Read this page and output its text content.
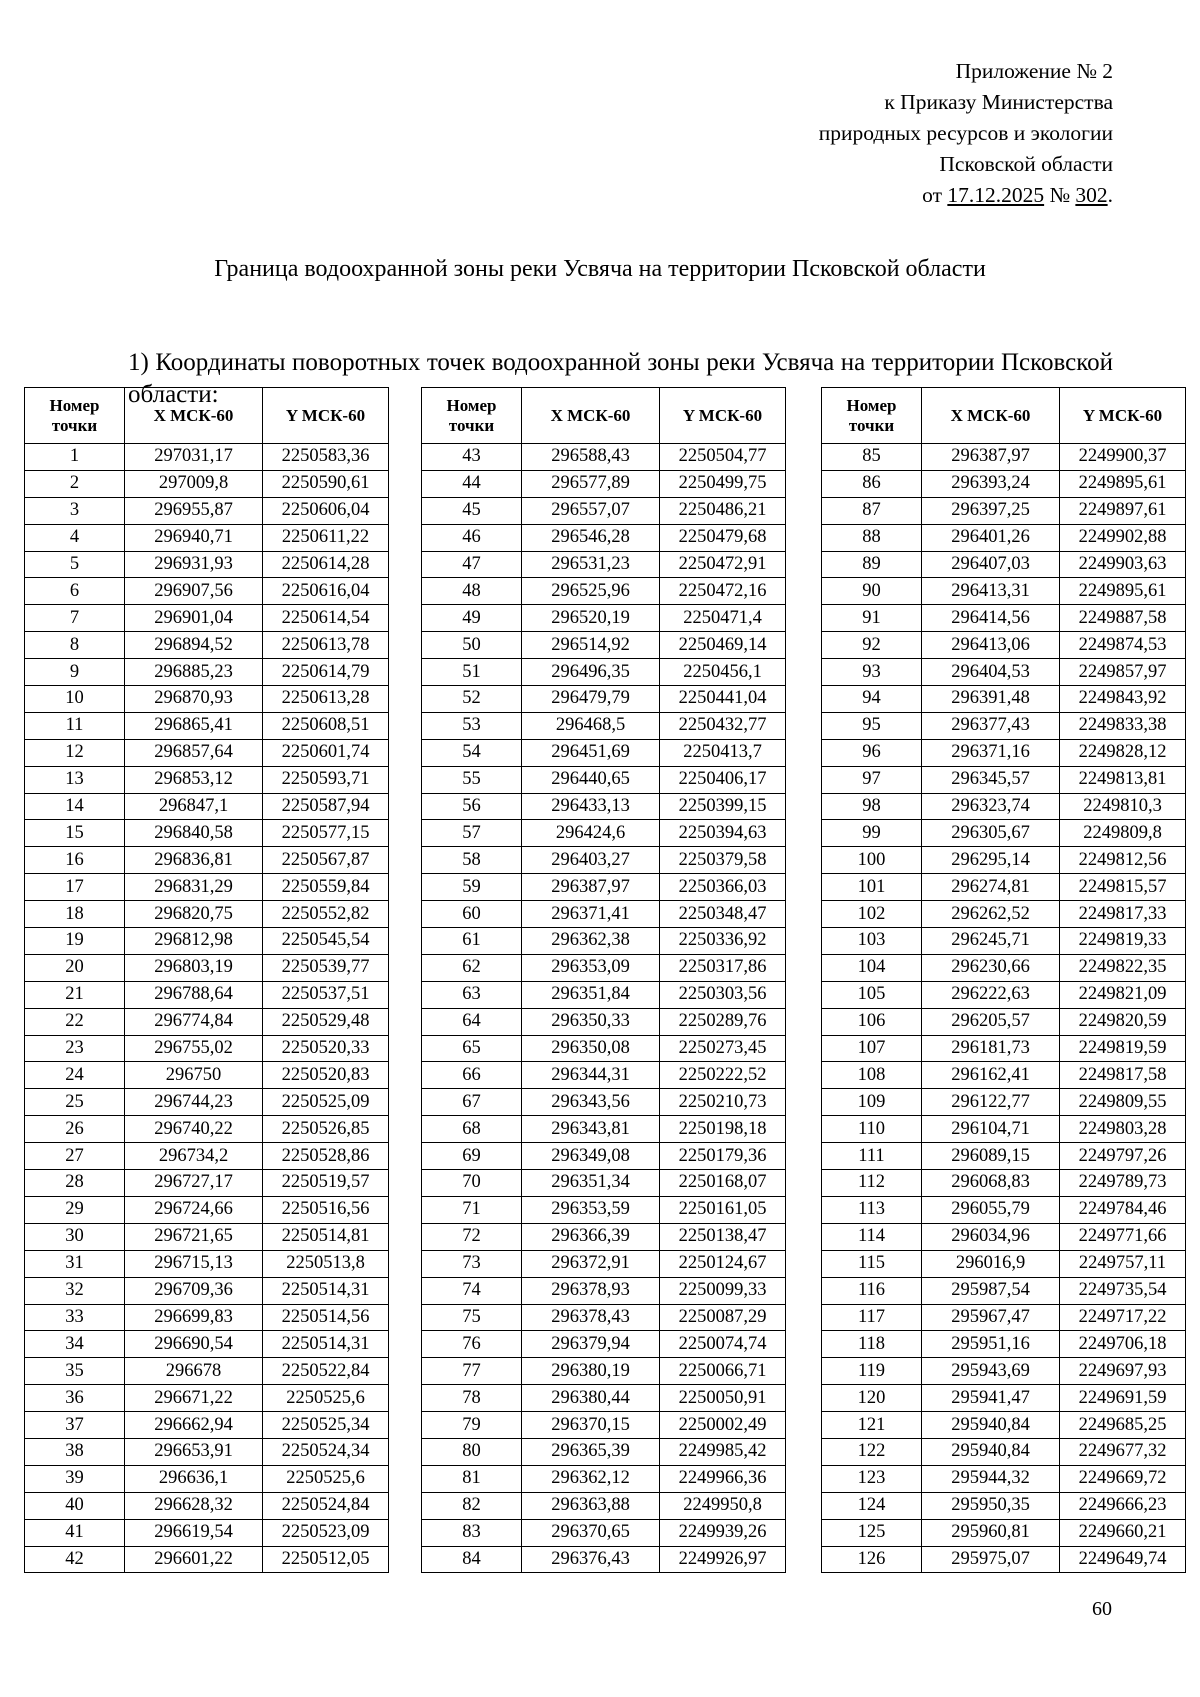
Приложение № 2
к Приказу Министерства
природных ресурсов и экологии
Псковской области
от 17.12.2025 № 302.
Граница водоохранной зоны реки Усвяча на территории Псковской области

1) Координаты поворотных точек водоохранной зоны реки Усвяча на территории Псковской области:

Номер
точки	X МСК-60	Y МСК-60
1	297031,17	2250583,36
2	297009,8	2250590,61
3	296955,87	2250606,04
4	296940,71	2250611,22
5	296931,93	2250614,28
6	296907,56	2250616,04
7	296901,04	2250614,54
8	296894,52	2250613,78
9	296885,23	2250614,79
10	296870,93	2250613,28
11	296865,41	2250608,51
12	296857,64	2250601,74
13	296853,12	2250593,71
14	296847,1	2250587,94
15	296840,58	2250577,15
16	296836,81	2250567,87
17	296831,29	2250559,84
18	296820,75	2250552,82
19	296812,98	2250545,54
20	296803,19	2250539,77
21	296788,64	2250537,51
22	296774,84	2250529,48
23	296755,02	2250520,33
24	296750	2250520,83
25	296744,23	2250525,09
26	296740,22	2250526,85
27	296734,2	2250528,86
28	296727,17	2250519,57
29	296724,66	2250516,56
30	296721,65	2250514,81
31	296715,13	2250513,8
32	296709,36	2250514,31
33	296699,83	2250514,56
34	296690,54	2250514,31
35	296678	2250522,84
36	296671,22	2250525,6
37	296662,94	2250525,34
38	296653,91	2250524,34
39	296636,1	2250525,6
40	296628,32	2250524,84
41	296619,54	2250523,09
42	296601,22	2250512,05
Номер
точки	X МСК-60	Y МСК-60
43	296588,43	2250504,77
44	296577,89	2250499,75
45	296557,07	2250486,21
46	296546,28	2250479,68
47	296531,23	2250472,91
48	296525,96	2250472,16
49	296520,19	2250471,4
50	296514,92	2250469,14
51	296496,35	2250456,1
52	296479,79	2250441,04
53	296468,5	2250432,77
54	296451,69	2250413,7
55	296440,65	2250406,17
56	296433,13	2250399,15
57	296424,6	2250394,63
58	296403,27	2250379,58
59	296387,97	2250366,03
60	296371,41	2250348,47
61	296362,38	2250336,92
62	296353,09	2250317,86
63	296351,84	2250303,56
64	296350,33	2250289,76
65	296350,08	2250273,45
66	296344,31	2250222,52
67	296343,56	2250210,73
68	296343,81	2250198,18
69	296349,08	2250179,36
70	296351,34	2250168,07
71	296353,59	2250161,05
72	296366,39	2250138,47
73	296372,91	2250124,67
74	296378,93	2250099,33
75	296378,43	2250087,29
76	296379,94	2250074,74
77	296380,19	2250066,71
78	296380,44	2250050,91
79	296370,15	2250002,49
80	296365,39	2249985,42
81	296362,12	2249966,36
82	296363,88	2249950,8
83	296370,65	2249939,26
84	296376,43	2249926,97
Номер
точки	X МСК-60	Y МСК-60
85	296387,97	2249900,37
86	296393,24	2249895,61
87	296397,25	2249897,61
88	296401,26	2249902,88
89	296407,03	2249903,63
90	296413,31	2249895,61
91	296414,56	2249887,58
92	296413,06	2249874,53
93	296404,53	2249857,97
94	296391,48	2249843,92
95	296377,43	2249833,38
96	296371,16	2249828,12
97	296345,57	2249813,81
98	296323,74	2249810,3
99	296305,67	2249809,8
100	296295,14	2249812,56
101	296274,81	2249815,57
102	296262,52	2249817,33
103	296245,71	2249819,33
104	296230,66	2249822,35
105	296222,63	2249821,09
106	296205,57	2249820,59
107	296181,73	2249819,59
108	296162,41	2249817,58
109	296122,77	2249809,55
110	296104,71	2249803,28
111	296089,15	2249797,26
112	296068,83	2249789,73
113	296055,79	2249784,46
114	296034,96	2249771,66
115	296016,9	2249757,11
116	295987,54	2249735,54
117	295967,47	2249717,22
118	295951,16	2249706,18
119	295943,69	2249697,93
120	295941,47	2249691,59
121	295940,84	2249685,25
122	295940,84	2249677,32
123	295944,32	2249669,72
124	295950,35	2249666,23
125	295960,81	2249660,21
126	295975,07	2249649,74
60
